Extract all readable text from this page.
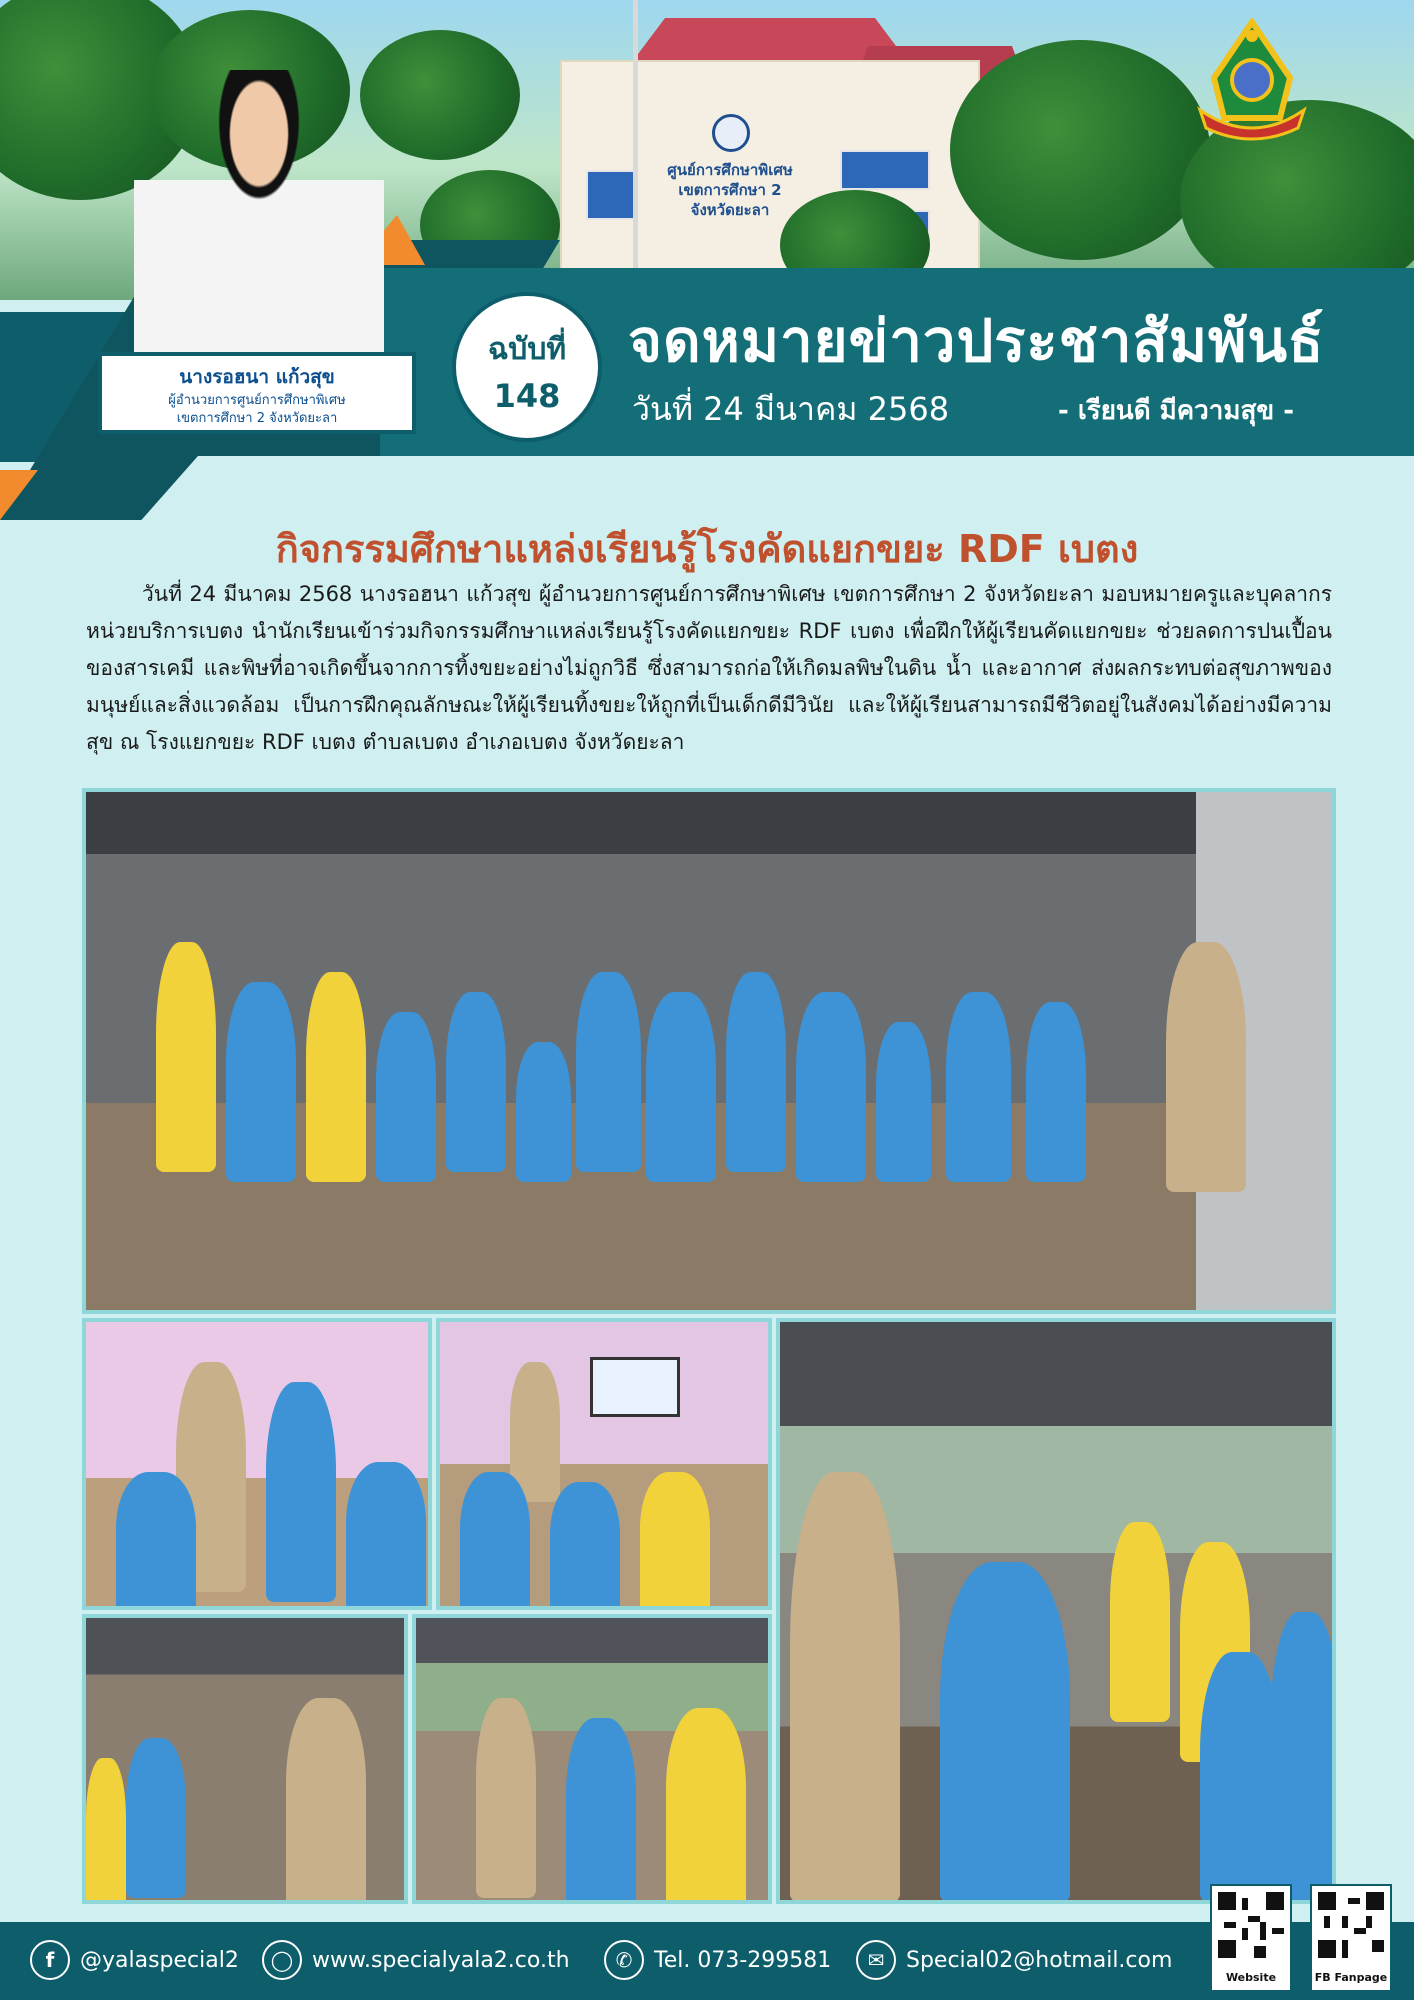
ศูนย์การศึกษาพิเศษ เขตการศึกษา 2 จังหวัดยะลา
นางรอฮนา แก้วสุข
ผู้อำนวยการศูนย์การศึกษาพิเศษ
เขตการศึกษา 2 จังหวัดยะลา
ฉบับที่
148
จดหมายข่าวประชาสัมพันธ์
วันที่ 24 มีนาคม 2568	- เรียนดี มีความสุข -
กิจกรรมศึกษาแหล่งเรียนรู้โรงคัดแยกขยะ RDF เบตง
วันที่ 24 มีนาคม 2568 นางรอฮนา แก้วสุข ผู้อำนวยการศูนย์การศึกษาพิเศษ เขตการศึกษา 2 จังหวัดยะลา มอบหมายครูและบุคลากรหน่วยบริการเบตง นำนักเรียนเข้าร่วมกิจกรรมศึกษาแหล่งเรียนรู้โรงคัดแยกขยะ RDF เบตง เพื่อฝึกให้ผู้เรียนคัดแยกขยะ ช่วยลดการปนเปื้อนของสารเคมี และพิษที่อาจเกิดขึ้นจากการทิ้งขยะอย่างไม่ถูกวิธี ซึ่งสามารถก่อให้เกิดมลพิษในดิน น้ำ และอากาศ ส่งผลกระทบต่อสุขภาพของมนุษย์และสิ่งแวดล้อม เป็นการฝึกคุณลักษณะให้ผู้เรียนทิ้งขยะให้ถูกที่เป็นเด็กดีมีวินัย และให้ผู้เรียนสามารถมีชีวิตอยู่ในสังคมได้อย่างมีความสุข ณ โรงแยกขยะ RDF เบตง ตำบลเบตง อำเภอเบตง จังหวัดยะลา
f	@yalaspecial2	◯ www.specialyala2.co.th	✆ Tel. 073-299581	✉ Special02@hotmail.com
Website	FB Fanpage
